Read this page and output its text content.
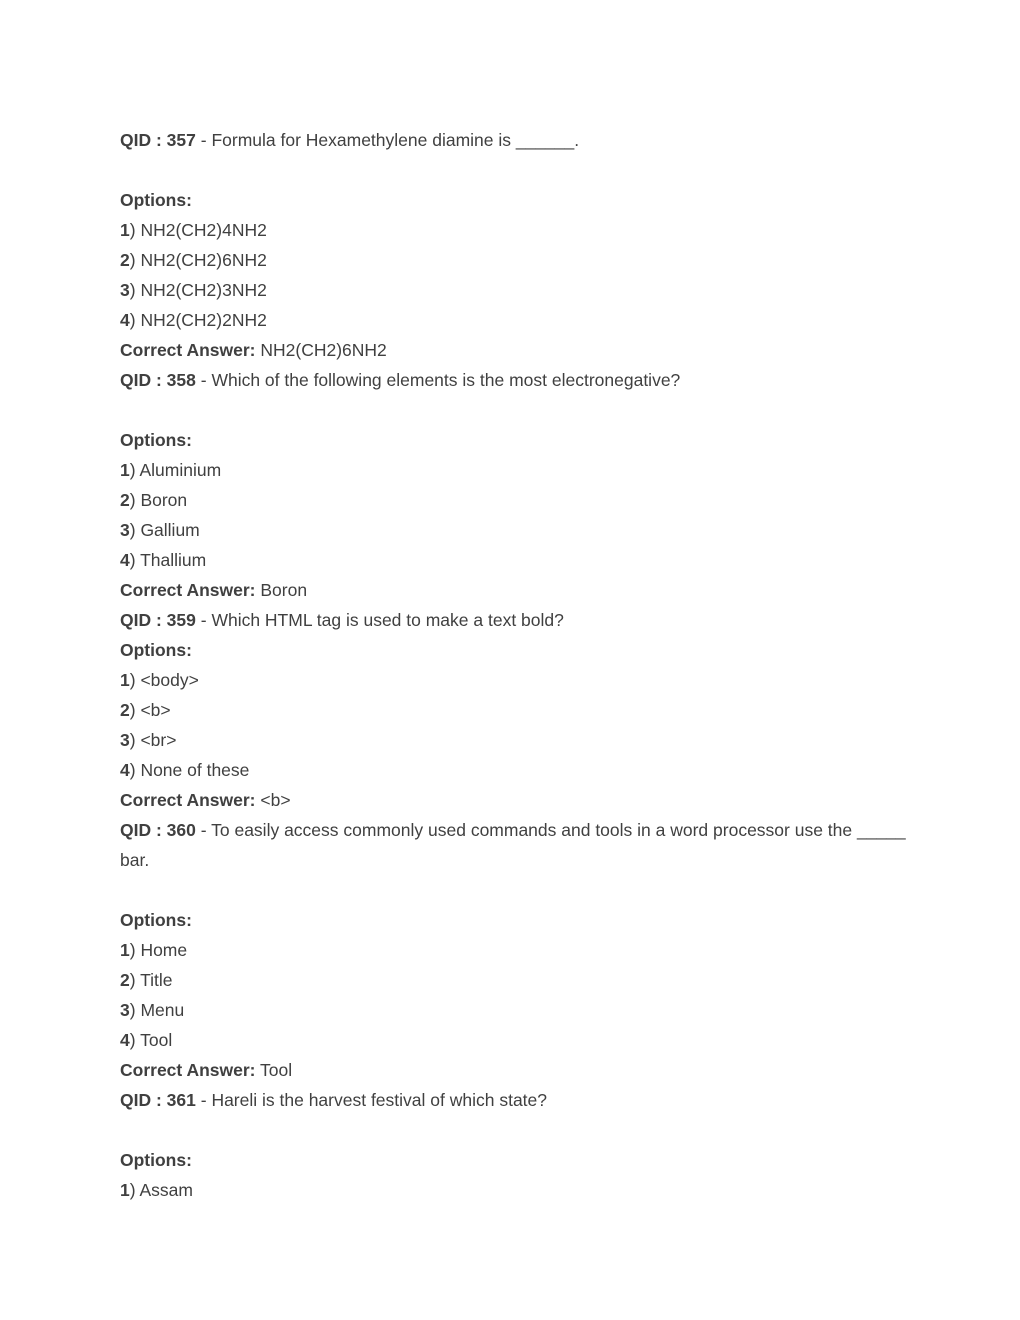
QID : 357 - Formula for Hexamethylene diamine is ______.
Options:
1) NH2(CH2)4NH2
2) NH2(CH2)6NH2
3) NH2(CH2)3NH2
4) NH2(CH2)2NH2
Correct Answer: NH2(CH2)6NH2
QID : 358 - Which of the following elements is the most electronegative?
Options:
1) Aluminium
2) Boron
3) Gallium
4) Thallium
Correct Answer: Boron
QID : 359 - Which HTML tag is used to make a text bold?
Options:
1) <body>
2) <b>
3) <br>
4) None of these
Correct Answer: <b>
QID : 360 - To easily access commonly used commands and tools in a word processor use the _____ bar.
Options:
1) Home
2) Title
3) Menu
4) Tool
Correct Answer: Tool
QID : 361 - Hareli is the harvest festival of which state?
Options:
1) Assam
